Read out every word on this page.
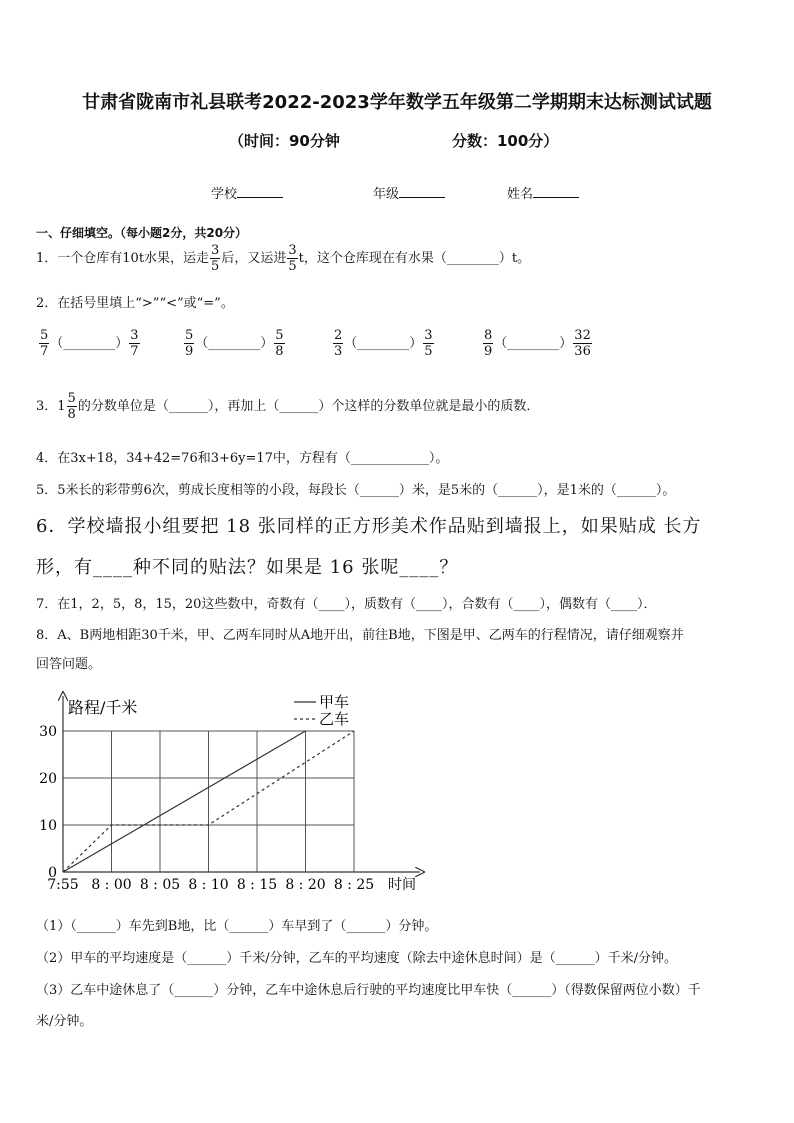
甘肃省陇南市礼县联考2022-2023学年数学五年级第二学期期末达标测试试题
（时间：90分钟	分数：100分）
学校	年级	姓名
一、仔细填空。（每小题2分，共20分）
1．一个仓库有10t水果，运走 $\frac{3}{5}$ 后，又运进 $\frac{3}{5}$ t，这个仓库现在有水果（________）t。
2．在括号里填上“>”“<”或“=”。
$\frac{5}{7}$ （________） $\frac{3}{7}$	$\frac{5}{9}$ （________） $\frac{5}{8}$	$\frac{2}{3}$ （________） $\frac{3}{5}$	$\frac{8}{9}$ （________） $\frac{32}{36}$
3．$1 \frac{5}{8}$ 的分数单位是（______），再加上（______）个这样的分数单位就是最小的质数．
4．在3x+18，34+42=76和3+6y=17中，方程有（____________）。
5．5米长的彩带剪6次，剪成长度相等的小段，每段长（______）米，是5米的（______），是1米的（______）。
6．学校墙报小组要把 18 张同样的正方形美术作品贴到墙报上，如果贴成 长方
形，有____种不同的贴法？如果是 16 张呢____？
7．在1，2，5，8，15，20这些数中，奇数有（____），质数有（____），合数有（____），偶数有（____）．
8．A、B两地相距30千米，甲、乙两车同时从A地开出，前往B地，下图是甲、乙两车的行程情况，请仔细观察并
回答问题。
0
10
20
30
7:55 8 : 00 8 : 05 8 : 10 8 : 15 8 : 20 8 : 25
路程/千米
时间
甲车
乙车
（1）（______）车先到B地，比（______）车早到了（______）分钟。
（2）甲车的平均速度是（______）千米/分钟，乙车的平均速度（除去中途休息时间）是（______）千米/分钟。
（3）乙车中途休息了（______）分钟，乙车中途休息后行驶的平均速度比甲车快（______）（得数保留两位小数）千
米/分钟。
